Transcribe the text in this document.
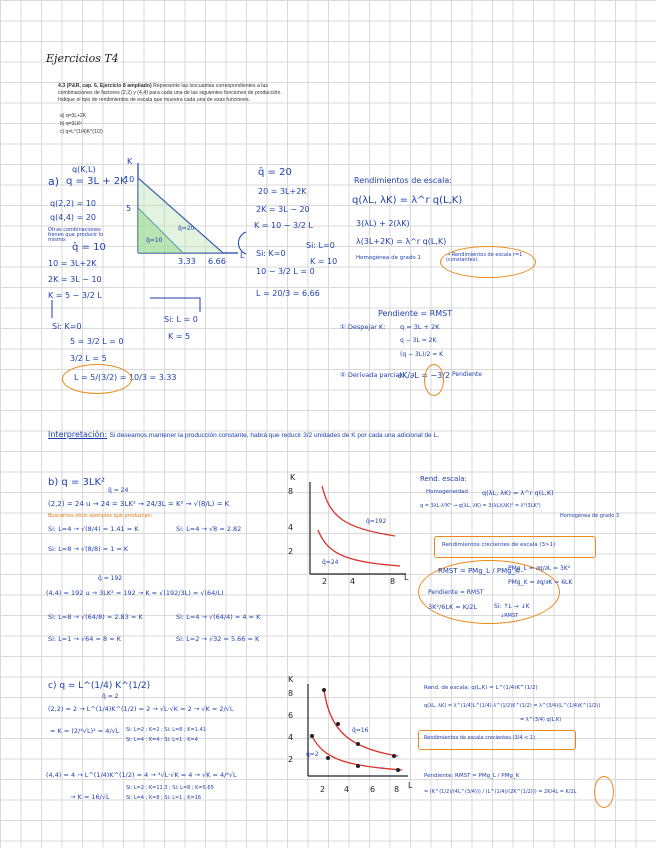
Ejercicios T4
4.3 (P&R, cap. 6, Ejercicio 8 ampliado) Represente las isocuantas correspondientes a las combinaciones de factores (2,2) y (4,4) para cada una de las siguientes funciones de producción. Indique el tipo de rendimientos de escala que muestra cada una de esas funciones.
a) q=3L+2K
b) q=3LK²
c) q=L^(1/4)K^(1/2)
q(K,L)
a) q = 3L + 2K
q(2,2) = 10
q(4,4) = 20
Otras combinaciones tienen que producir lo mismo:
q̄ = 10
10 = 3L+2K
2K = 3L − 10
K = 5 − 3/2 L
Si: K=0
5 = 3/2 L = 0
3/2 L = 5
L = 5/(3/2) = 10/3 = 3.33
Si: L = 0
K = 5
K
L
10
5
3.33 6.66
q̄=10
q̄=20
q̄ = 20
20 = 3L+2K
2K = 3L − 20
K = 10 − 3/2 L
Si: K=0
Si: L=0
10 − 3/2 L = 0
K = 10
L = 20/3 = 6.66
Rendimientos de escala:
q(λL, λK) = λ^r q(L,K)
3(λL) + 2(λK)
λ(3L+2K) = λ^r q(L,K)
Homogénea de grado 1	→ Rendimientos de escala r=1 (constantes).
Pendiente = RMST
① Despejar K: q = 3L + 2K
q − 3L = 2K
(q − 3L)/2 = K
② Derivada parcial:
∂K/∂L = −3/2 Pendiente
Interpretación: Si deseamos mantener la producción constante, habrá que reducir 3/2 unidades de K por cada una adicional de L.
b) q = 3LK²
q̄ = 24
(2,2) = 24 u → 24 = 3LK² → 24/3L = K² → √(8/L) = K
Buscamos otros ejemplos que produzcan:
Si: L=4 → √(8/4) = 1.41 = K	Si: L=4 → √8 = 2.82
Si: L=8 → √(8/8) = 1 = K
q̄ = 192
(4,4) = 192 u → 3LK² = 192 → K = √(192/3L) = √(64/L)
Si: L=8 → √(64/8) = 2.83 = K	Si: L=4 → √(64/4) = 4 = K
Si: L=1 → √64 = 8 = K	Si: L=2 → √32 = 5.66 = K
K
L
8
4
2
2	4	8
q̄=192
q̄=24
Rend. escala:
Homogeneidad q(λL, λK) = λ^r q(L,K)
q = 3λL·λ²K² → q(λL, λK) = 3(λL)(λK)² = λ³(3LK²)
Homogénea de grado 3
Rendimientos crecientes de escala (3>1)
RMST = PMg_L / PMg_K
PMg_L = ∂q/∂L = 3K²
PMg_K = ∂q/∂K = 6LK
Pendiente = RMST
3K²/6LK = K/2L	Si: ↑L → ↓K
↓RMST
c) q = L^(1/4) K^(1/2)
q̄ = 2
(2,2) = 2 → L^(1/4)K^(1/2) = 2 → √L·√K = 2 → √K = 2/√L
= K = (2/⁴√L)² = 4/√L Si: L=2 ; K=2 ; Si: L=8 ; K=1.41
Si: L=4 ; K=4 ; Si: L=1 ; K=4
(4,4) = 4 → L^(1/4)K^(1/2) = 4 → ⁴√L·√K = 4 → √K = 4/⁴√L
→ K = 16/√L
Si: L=2 ; K=11.3 ; Si: L=8 ; K=5.65
Si: L=4 ; K=8 ; Si: L=1 ; K=16
K
L
8
6
4
2
2 4	6 8
q̄=16
q̄=2
Rend. de escala: q(L,K) = L^(1/4)K^(1/2)
q(λL, λK) = λ^(1/4)L^(1/4)·λ^(1/2)K^(1/2) = λ^(3/4)(L^(1/4)K^(1/2))
= λ^(3/4) q(L,K)
Rendimientos de escala crecientes (3/4 < 1)
Pendiente: RMST = PMg_L / PMg_K
= (K^(1/2)/(4L^(3/4))) / (L^(1/4)/(2K^(1/2))) = 2K/4L = K/2L
